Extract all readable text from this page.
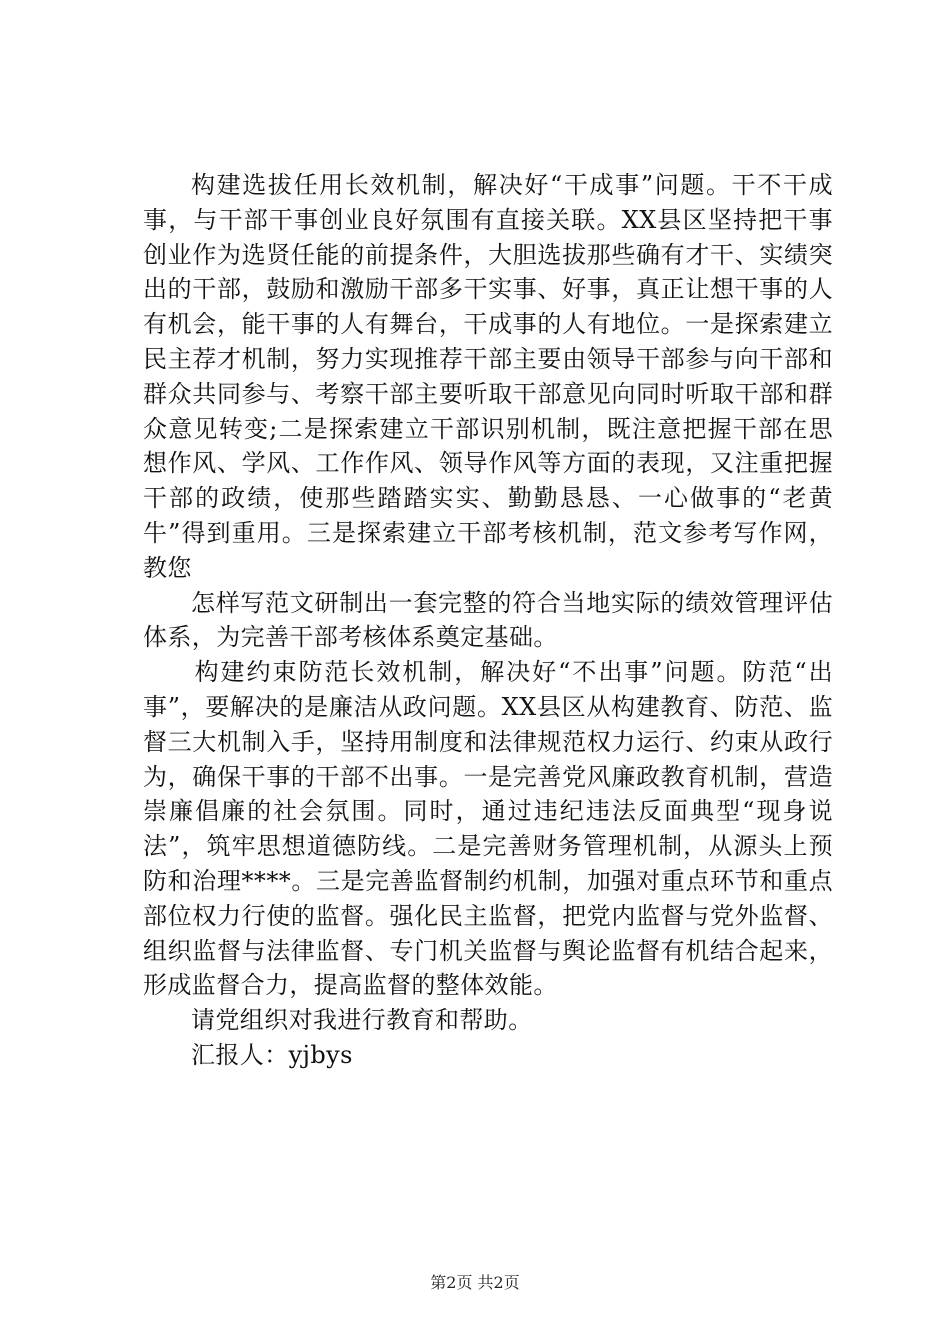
构建选拔任用长效机制，解决好“干成事”问题。干不干成事，与干部干事创业良好氛围有直接关联。XX县区坚持把干事创业作为选贤任能的前提条件，大胆选拔那些确有才干、实绩突出的干部，鼓励和激励干部多干实事、好事，真正让想干事的人有机会，能干事的人有舞台，干成事的人有地位。一是探索建立民主荐才机制，努力实现推荐干部主要由领导干部参与向干部和群众共同参与、考察干部主要听取干部意见向同时听取干部和群众意见转变;二是探索建立干部识别机制，既注意把握干部在思想作风、学风、工作作风、领导作风等方面的表现，又注重把握干部的政绩，使那些踏踏实实、勤勤恳恳、一心做事的“老黄牛”得到重用。三是探索建立干部考核机制，范文参考写作网，教您

怎样写范文研制出一套完整的符合当地实际的绩效管理评估体系，为完善干部考核体系奠定基础。

构建约束防范长效机制，解决好“不出事”问题。防范“出事”，要解决的是廉洁从政问题。XX县区从构建教育、防范、监督三大机制入手，坚持用制度和法律规范权力运行、约束从政行为，确保干事的干部不出事。一是完善党风廉政教育机制，营造崇廉倡廉的社会氛围。同时，通过违纪违法反面典型“现身说法”，筑牢思想道德防线。二是完善财务管理机制，从源头上预防和治理****。三是完善监督制约机制，加强对重点环节和重点部位权力行使的监督。强化民主监督，把党内监督与党外监督、组织监督与法律监督、专门机关监督与舆论监督有机结合起来，形成监督合力，提高监督的整体效能。

请党组织对我进行教育和帮助。

汇报人：yjbys

第2页 共2页
